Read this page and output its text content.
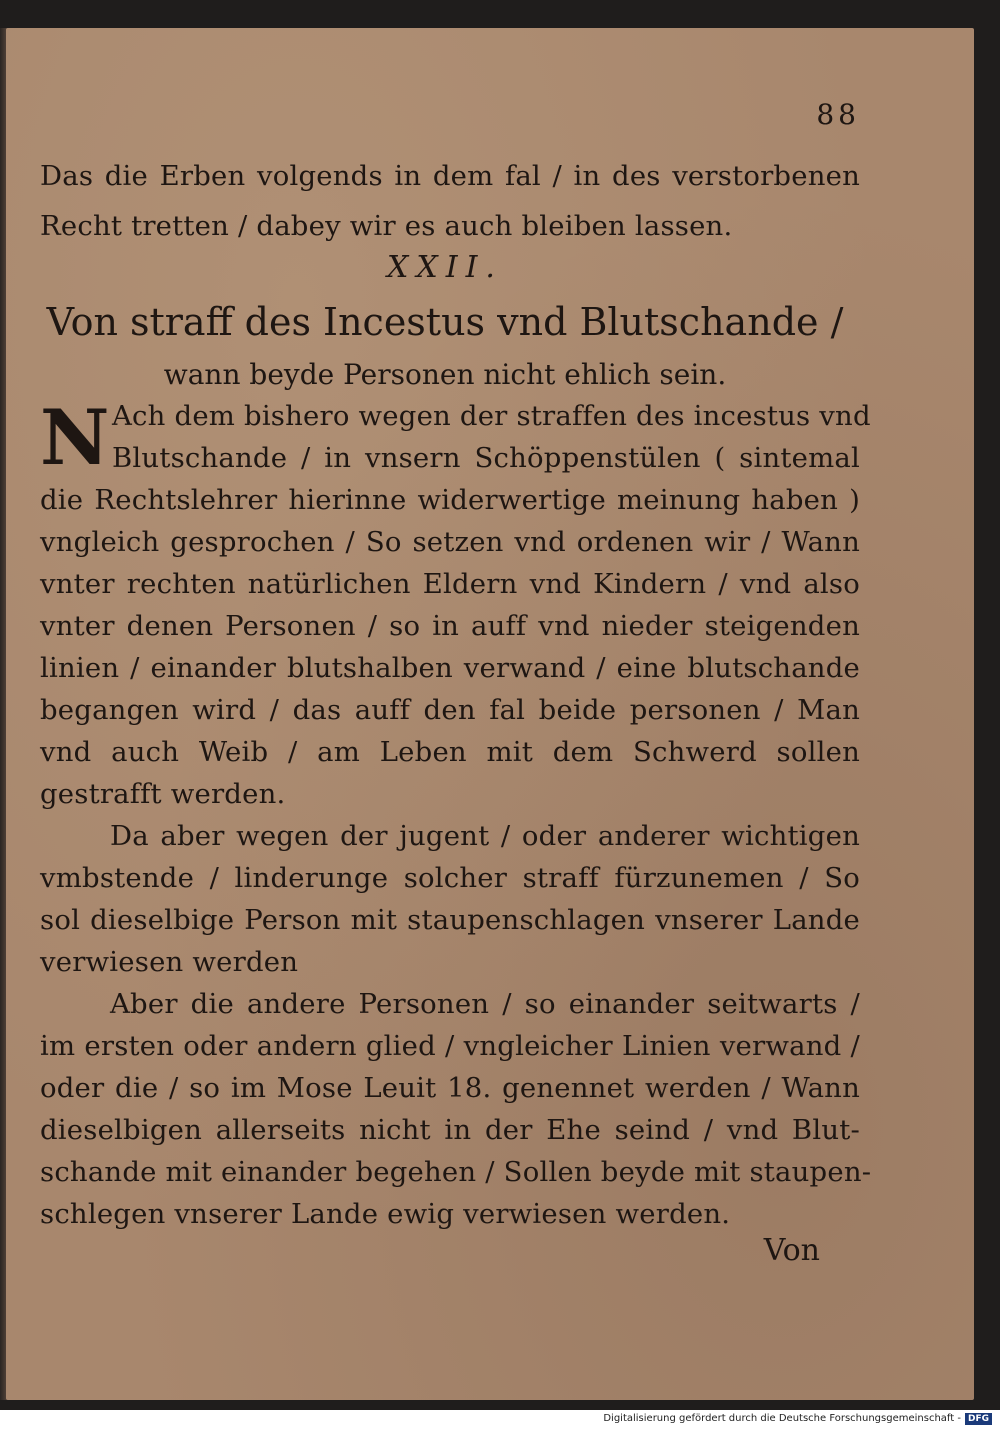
88
Das die Erben volgends in dem fal / in des verstorbenen
Recht tretten / dabey wir es auch bleiben lassen.
XXII.
Von straff des Incestus vnd Blutschande /
wann beyde Personen nicht ehlich sein.
N Ach dem bishero wegen der straffen des incestus vnd
Blutschande / in vnsern Schöppenstülen ( sintemal
die Rechtslehrer hierinne widerwertige meinung haben )
vngleich gesprochen / So setzen vnd ordenen wir / Wann
vnter rechten natürlichen Eldern vnd Kindern / vnd also
vnter denen Personen / so in auff vnd nieder steigenden
linien / einander blutshalben verwand / eine blutschande
begangen wird / das auff den fal beide personen / Man
vnd auch Weib / am Leben mit dem Schwerd sollen
gestrafft werden.
Da aber wegen der jugent / oder anderer wichtigen
vmbstende / linderunge solcher straff fürzunemen / So
sol dieselbige Person mit staupenschlagen vnserer Lande
verwiesen werden
Aber die andere Personen / so einander seitwarts /
im ersten oder andern glied / vngleicher Linien verwand /
oder die / so im Mose Leuit 18. genennet werden / Wann
dieselbigen allerseits nicht in der Ehe seind / vnd Blut-
schande mit einander begehen / Sollen beyde mit staupen-
schlegen vnserer Lande ewig verwiesen werden.
Von
Digitalisierung gefördert durch die Deutsche Forschungsgemeinschaft - DFG
